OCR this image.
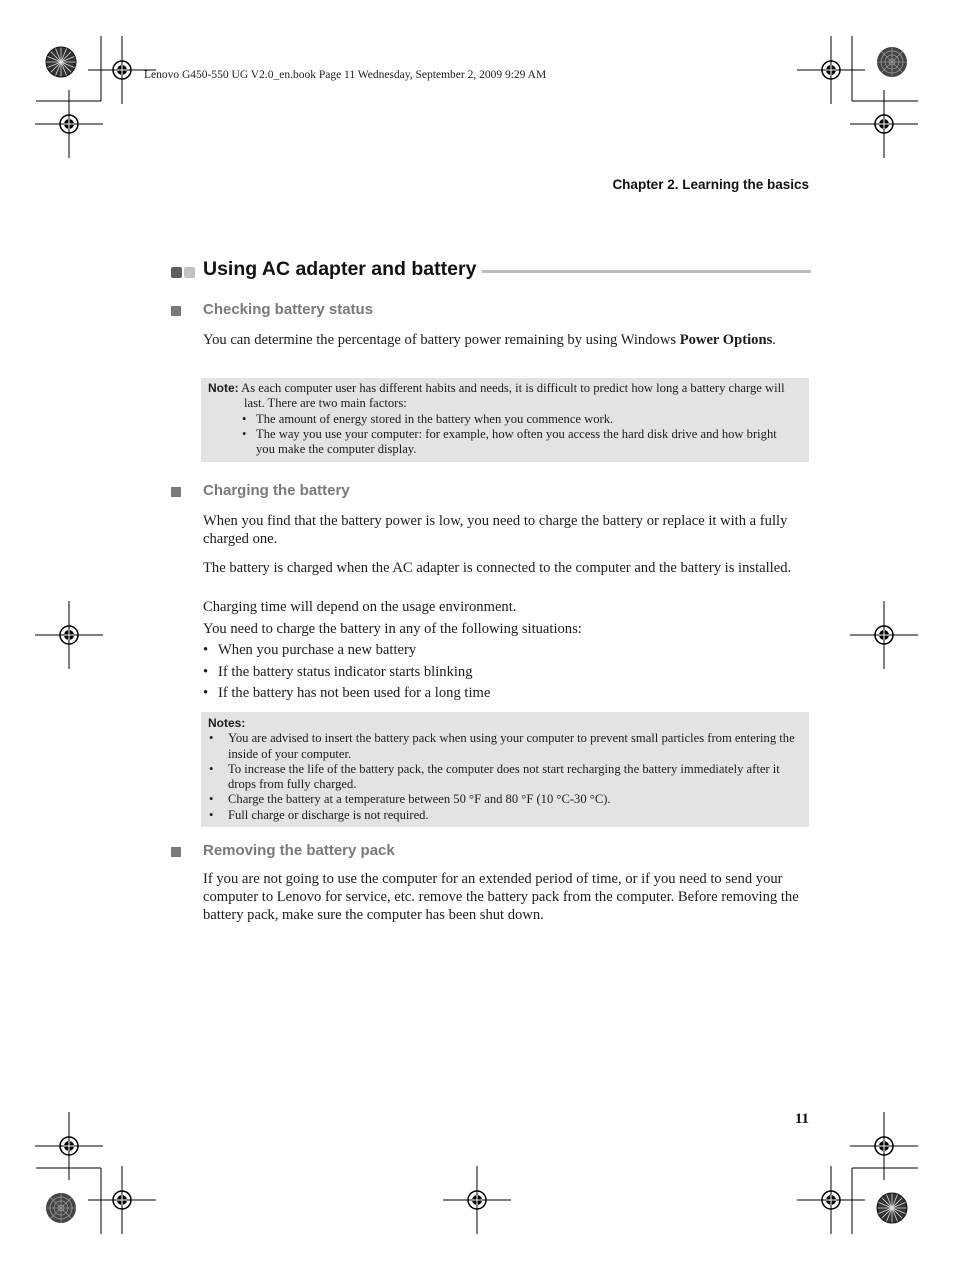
Lenovo G450-550 UG V2.0_en.book Page 11 Wednesday, September 2, 2009 9:29 AM
Chapter 2. Learning the basics
Using AC adapter and battery
Checking battery status
You can determine the percentage of battery power remaining by using Windows Power Options.
Note: As each computer user has different habits and needs, it is difficult to predict how long a battery charge will last. There are two main factors:
• The amount of energy stored in the battery when you commence work.
• The way you use your computer: for example, how often you access the hard disk drive and how bright you make the computer display.
Charging the battery
When you find that the battery power is low, you need to charge the battery or replace it with a fully charged one.
The battery is charged when the AC adapter is connected to the computer and the battery is installed.
Charging time will depend on the usage environment.
You need to charge the battery in any of the following situations:
• When you purchase a new battery
• If the battery status indicator starts blinking
• If the battery has not been used for a long time
Notes:
• You are advised to insert the battery pack when using your computer to prevent small particles from entering the inside of your computer.
• To increase the life of the battery pack, the computer does not start recharging the battery immediately after it drops from fully charged.
• Charge the battery at a temperature between 50 °F and 80 °F (10 °C-30 °C).
• Full charge or discharge is not required.
Removing the battery pack
If you are not going to use the computer for an extended period of time, or if you need to send your computer to Lenovo for service, etc. remove the battery pack from the computer. Before removing the battery pack, make sure the computer has been shut down.
11
